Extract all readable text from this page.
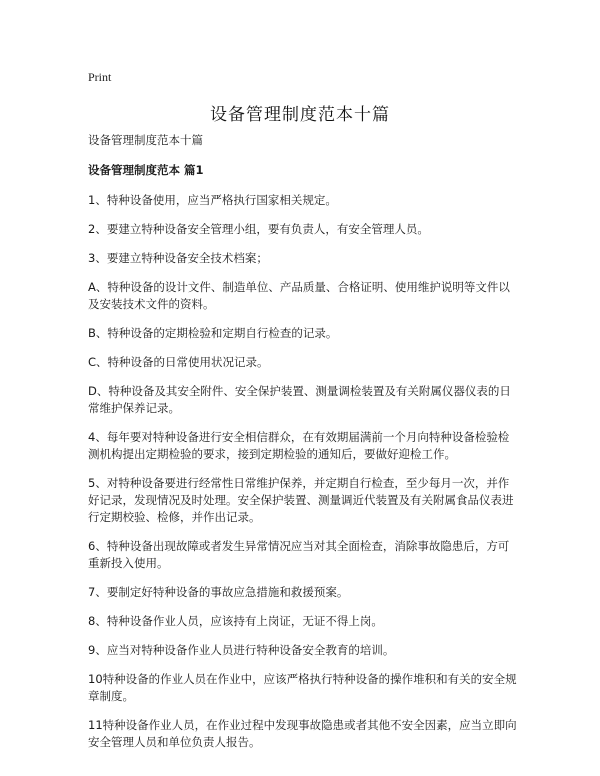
Print
设备管理制度范本十篇

设备管理制度范本十篇

设备管理制度范本 篇1

1、特种设备使用，应当严格执行国家相关规定。

2、要建立特种设备安全管理小组，要有负责人，有安全管理人员。

3、要建立特种设备安全技术档案；

A、特种设备的设计文件、制造单位、产品质量、合格证明、使用维护说明等文件以及安装技术文件的资料。

B、特种设备的定期检验和定期自行检查的记录。

C、特种设备的日常使用状况记录。

D、特种设备及其安全附件、安全保护装置、测量调检装置及有关附属仪器仪表的日常维护保养记录。

4、每年要对特种设备进行安全相信群众，在有效期届满前一个月向特种设备检验检测机构提出定期检验的要求，接到定期检验的通知后，要做好迎检工作。

5、对特种设备要进行经常性日常维护保养，并定期自行检查，至少每月一次，并作好记录，发现情况及时处理。安全保护装置、测量调近代装置及有关附属食品仪表进行定期校验、检修，并作出记录。

6、特种设备出现故障或者发生异常情况应当对其全面检查，消除事故隐患后，方可重新投入使用。

7、要制定好特种设备的事故应急措施和救援预案。

8、特种设备作业人员，应该持有上岗证，无证不得上岗。

9、应当对特种设备作业人员进行特种设备安全教育的培训。

10特种设备的作业人员在作业中，应该严格执行特种设备的操作堆积和有关的安全规章制度。

11特种设备作业人员，在作业过程中发现事故隐患或者其他不安全因素，应当立即向安全管理人员和单位负责人报告。
